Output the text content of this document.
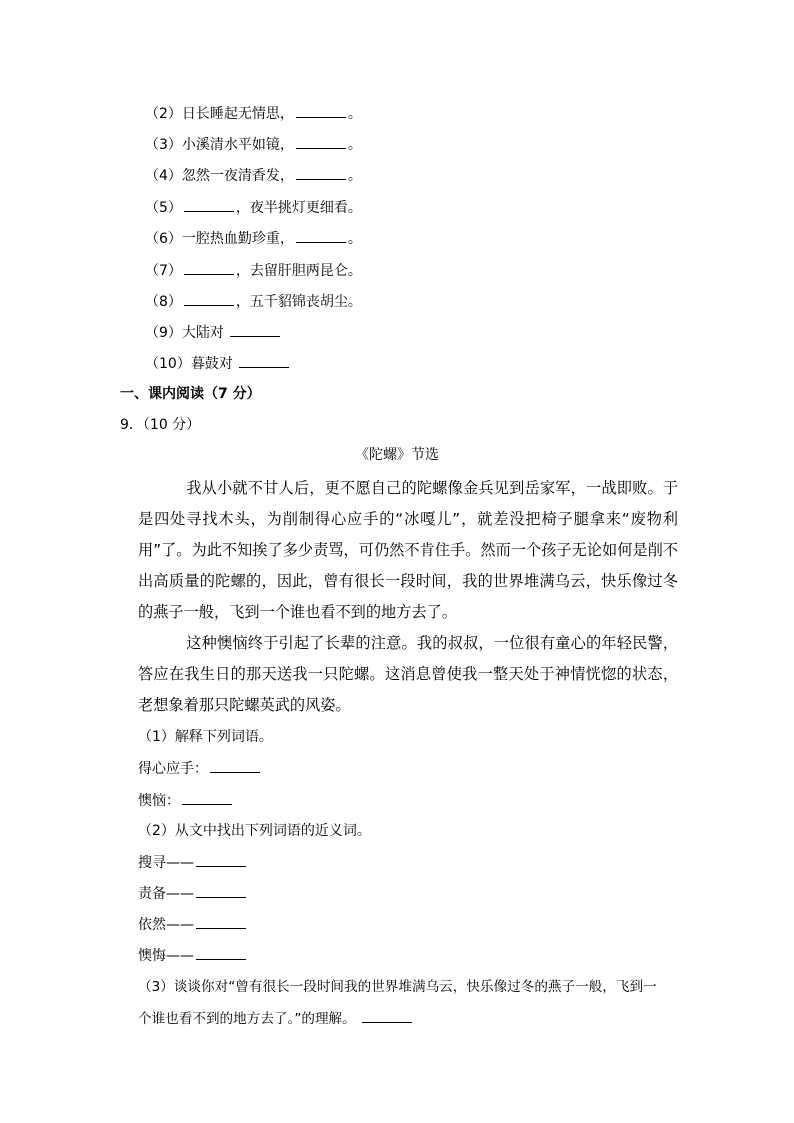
（2）日长睡起无情思，	。
（3）小溪清水平如镜，	。
（4）忽然一夜清香发，	。
（5）	，夜半挑灯更细看。
（6）一腔热血勤珍重，	。
（7）	，去留肝胆两昆仑。
（8）	，五千貂锦丧胡尘。
（9）大陆对
（10）暮鼓对
一、课内阅读（7 分）
9．（10 分）
《陀螺》节选
我从小就不甘人后，更不愿自己的陀螺像金兵见到岳家军，一战即败。于是四处寻找木头，为削制得心应手的“冰嘎儿”，就差没把椅子腿拿来“废物利用”了。为此不知挨了多少责骂，可仍然不肯住手。然而一个孩子无论如何是削不出高质量的陀螺的，因此，曾有很长一段时间，我的世界堆满乌云，快乐像过冬的燕子一般，飞到一个谁也看不到的地方去了。
这种懊恼终于引起了长辈的注意。我的叔叔，一位很有童心的年轻民警，答应在我生日的那天送我一只陀螺。这消息曾使我一整天处于神情恍惚的状态，老想象着那只陀螺英武的风姿。
（1）解释下列词语。
得心应手：
懊恼：
（2）从文中找出下列词语的近义词。
搜寻——
责备——
依然——
懊悔——
（3）谈谈你对“曾有很长一段时间我的世界堆满乌云，快乐像过冬的燕子一般，飞到一
个谁也看不到的地方去了。”的理解。
